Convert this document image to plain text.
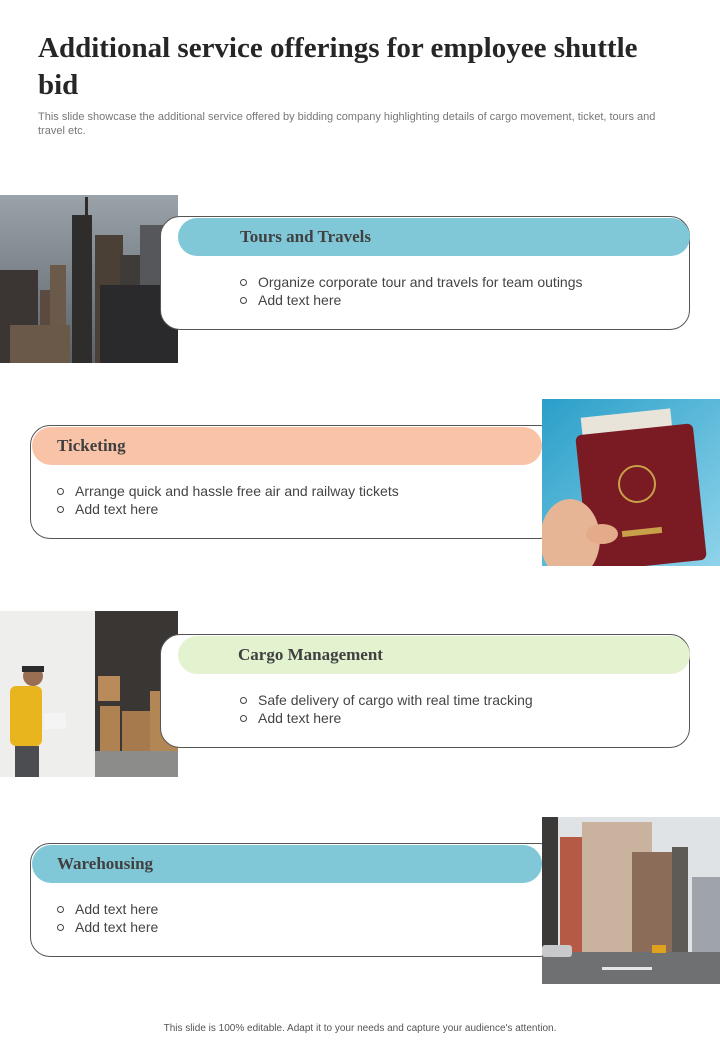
Additional service offerings for employee shuttle bid

This slide showcase the additional service offered by bidding company highlighting details of cargo movement, ticket, tours and travel etc.

Tours and Travels
Organize corporate tour and travels for team outings
Add text here
Ticketing
Arrange quick and hassle free air and railway tickets
Add text here
Cargo Management
Safe delivery of cargo with real time tracking
Add text here
Warehousing
Add text here
Add text here
This slide is 100% editable. Adapt it to your needs and capture your audience's attention.
